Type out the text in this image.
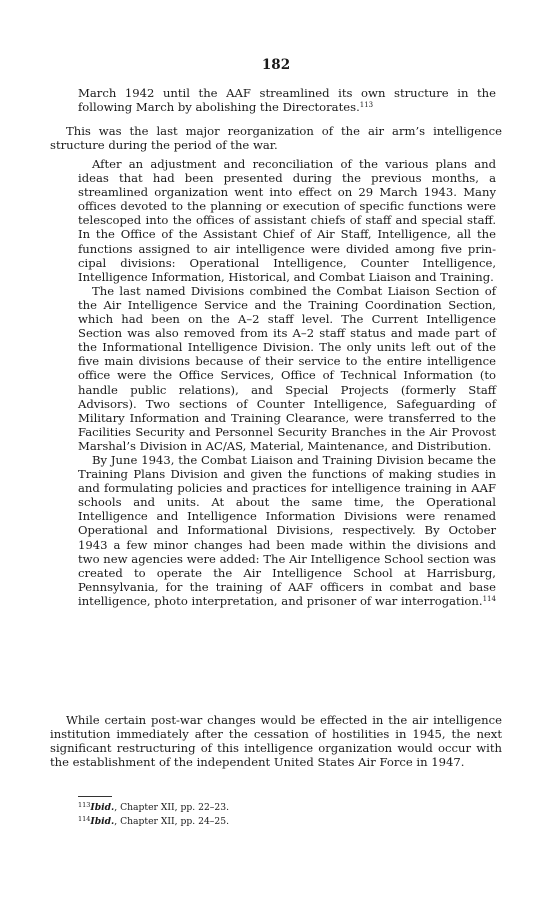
182

March 1942 until the AAF streamlined its own structure in the following March by abolishing the Directorates.$^{113}$

This was the last major reorganization of the air arm’s intelligence structure during the period of the war.

After an adjustment and reconciliation of the various plans and ideas that had been presented during the previous months, a streamlined organization went into effect on 29 March 1943. Many offices devoted to the planning or execution of specific functions were telescoped into the offices of assistant chiefs of staff and special staff. In the Office of the Assistant Chief of Air Staff, Intelligence, all the functions assigned to air intelligence were divided among five principal divisions: Operational Intelligence, Counter Intelligence, Intelligence Information, Historical, and Combat Liaison and Training.

The last named Divisions combined the Combat Liaison Section of the Air Intelligence Service and the Training Coordination Section, which had been on the A–2 staff level. The Current Intelligence Section was also removed from its A–2 staff status and made part of the Informational Intelligence Division. The only units left out of the five main divisions because of their service to the entire intelligence office were the Office Services, Office of Technical Information (to handle public relations), and Special Projects (formerly Staff Advisors). Two sections of Counter Intelligence, Safeguarding of Military Information and Training Clearance, were transferred to the Facilities Security and Personnel Security Branches in the Air Provost Marshal’s Division in AC/AS, Material, Maintenance, and Distribution.

By June 1943, the Combat Liaison and Training Division became the Training Plans Division and given the functions of making studies in and formulating policies and practices for intelligence training in AAF schools and units. At about the same time, the Operational Intelligence and Intelligence Information Divisions were renamed Operational and Informational Divisions, respectively. By October 1943 a few minor changes had been made within the divisions and two new agencies were added: The Air Intelligence School section was created to operate the Air Intelligence School at Harrisburg, Pennsylvania, for the training of AAF officers in combat and base intelligence, photo interpretation, and prisoner of war interrogation.$^{114}$

While certain post-war changes would be effected in the air intelligence institution immediately after the cessation of hostilities in 1945, the next significant restructuring of this intelligence organization would occur with the establishment of the independent United States Air Force in 1947.

$^{113}$Ibid., Chapter XII, pp. 22–23.
$^{114}$Ibid., Chapter XII, pp. 24–25.
